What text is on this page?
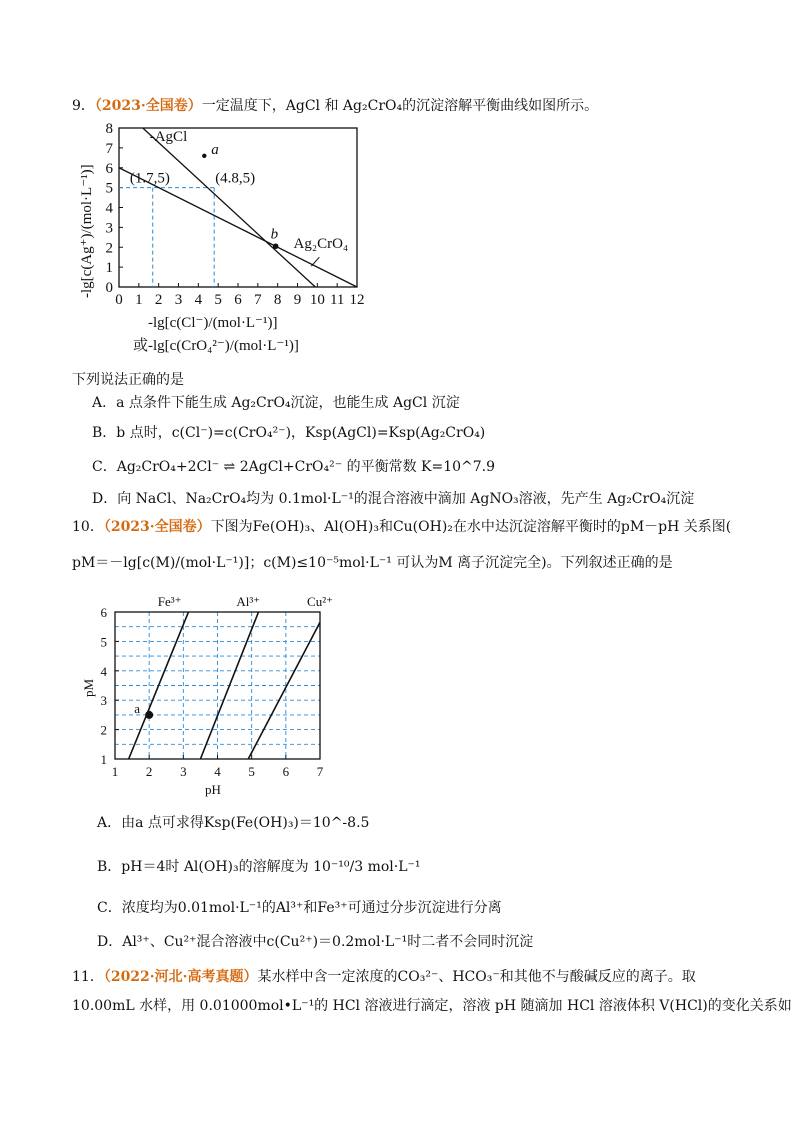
9．（2023·全国卷）一定温度下，AgCl 和 Ag₂CrO₄的沉淀溶解平衡曲线如图所示。
0 1 2 3 4 5 6 7 8 9 10 11 12
0
1
2
3
4
5
6
7
8 -AgCl
Ag₂CrO₄
(1.7,5)	(4.8,5)
a
b
-lg[c(Cl⁻)/(mol·L⁻¹)]
或-lg[c(CrO₄²⁻)/(mol·L⁻¹)]
-lg[c(Ag⁺)/(mol·L⁻¹)]
下列说法正确的是
A．a 点条件下能生成 Ag₂CrO₄沉淀，也能生成 AgCl 沉淀
B．b 点时，c(Cl⁻)=c(CrO₄²⁻)，Ksp(AgCl)=Ksp(Ag₂CrO₄)
C．Ag₂CrO₄+2Cl⁻ ⇌ 2AgCl+CrO₄²⁻ 的平衡常数 K=10^7.9
D．向 NaCl、Na₂CrO₄均为 0.1mol·L⁻¹的混合溶液中滴加 AgNO₃溶液，先产生 Ag₂CrO₄沉淀
10．（2023·全国卷）下图为Fe(OH)₃、Al(OH)₃和Cu(OH)₂在水中达沉淀溶解平衡时的pM－pH 关系图(
pM＝－lg[c(M)/(mol·L⁻¹)]；c(M)≤10⁻⁵mol·L⁻¹ 可认为M 离子沉淀完全)。下列叙述正确的是
1 2 3 4 5 6 7
1
2
3
4
5
6
Fe³⁺	Al³⁺	Cu²⁺
a
pH
pM
A．由a 点可求得Ksp(Fe(OH)₃)＝10^-8.5
B．pH＝4时 Al(OH)₃的溶解度为 10⁻¹⁰/3 mol·L⁻¹
C．浓度均为0.01mol·L⁻¹的Al³⁺和Fe³⁺可通过分步沉淀进行分离
D．Al³⁺、Cu²⁺混合溶液中c(Cu²⁺)＝0.2mol·L⁻¹时二者不会同时沉淀
11．（2022·河北·高考真题）某水样中含一定浓度的CO₃²⁻、HCO₃⁻和其他不与酸碱反应的离子。取
10.00mL 水样，用 0.01000mol•L⁻¹的 HCl 溶液进行滴定，溶液 pH 随滴加 HCl 溶液体积 V(HCl)的变化关系如
